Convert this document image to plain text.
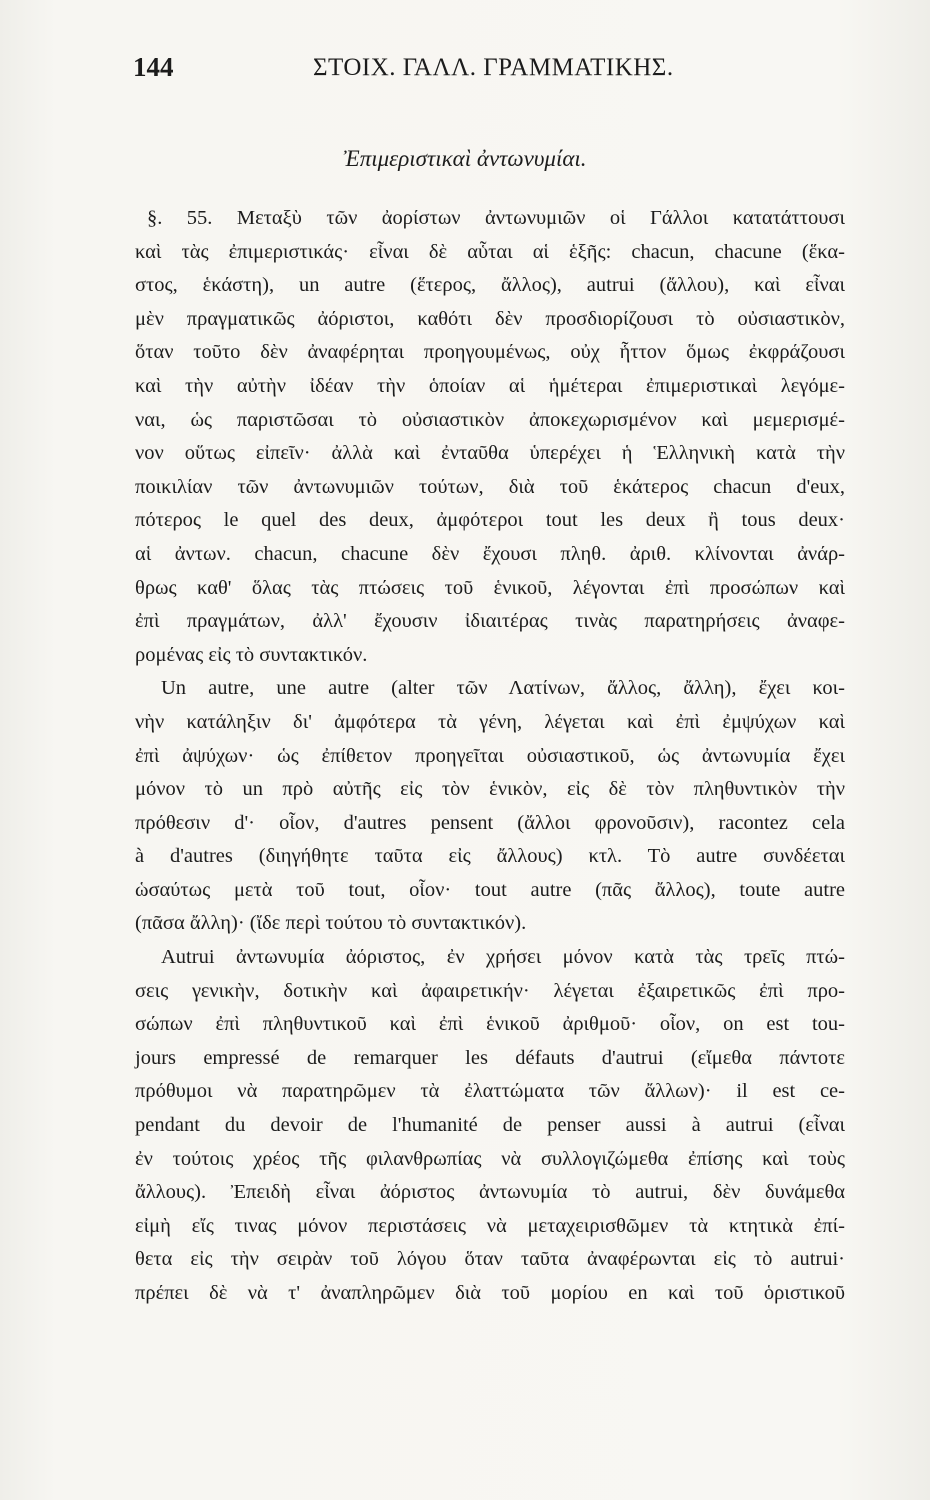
144	ΣΤΟΙΧ. ΓΑΛΛ. ΓΡΑΜΜΑΤΙΚΗΣ.
Ἐπιμεριστικαὶ ἀντωνυμίαι.
§. 55. Μεταξὺ τῶν ἀορίστων ἀντωνυμιῶν οἱ Γάλλοι κατατάττουσι
καὶ τὰς ἐπιμεριστικάς· εἶναι δὲ αὗται αἱ ἑξῆς: chacun, chacune (ἕκα-
στος, ἑκάστη), un autre (ἕτερος, ἄλλος), autrui (ἄλλου), καὶ εἶναι
μὲν πραγματικῶς ἀόριστοι, καθότι δὲν προσδιορίζουσι τὸ οὐσιαστικὸν,
ὅταν τοῦτο δὲν ἀναφέρηται προηγουμένως, οὐχ ἧττον ὅμως ἐκφράζουσι
καὶ τὴν αὐτὴν ἰδέαν τὴν ὁποίαν αἱ ἡμέτεραι ἐπιμεριστικαὶ λεγόμε-
ναι, ὡς παριστῶσαι τὸ οὐσιαστικὸν ἀποκεχωρισμένον καὶ μεμερισμέ-
νον οὕτως εἰπεῖν· ἀλλὰ καὶ ἐνταῦθα ὑπερέχει ἡ Ἑλληνικὴ κατὰ τὴν
ποικιλίαν τῶν ἀντωνυμιῶν τούτων, διὰ τοῦ ἑκάτερος chacun d'eux,
πότερος le quel des deux, ἀμφότεροι tout les deux ἢ tous deux·
αἱ ἀντων. chacun, chacune δὲν ἔχουσι πληθ. ἀριθ. κλίνονται ἀνάρ-
θρως καθ' ὅλας τὰς πτώσεις τοῦ ἑνικοῦ, λέγονται ἐπὶ προσώπων καὶ
ἐπὶ πραγμάτων, ἀλλ' ἔχουσιν ἰδιαιτέρας τινὰς παρατηρήσεις ἀναφε-
ρομένας εἰς τὸ συντακτικόν.
Un autre, une autre (alter τῶν Λατίνων, ἄλλος, ἄλλη), ἔχει κοι-
νὴν κατάληξιν δι' ἀμφότερα τὰ γένη, λέγεται καὶ ἐπὶ ἐμψύχων καὶ
ἐπὶ ἀψύχων· ὡς ἐπίθετον προηγεῖται οὐσιαστικοῦ, ὡς ἀντωνυμία ἔχει
μόνον τὸ un πρὸ αὐτῆς εἰς τὸν ἑνικὸν, εἰς δὲ τὸν πληθυντικὸν τὴν
πρόθεσιν d'· οἷον, d'autres pensent (ἄλλοι φρονοῦσιν), racontez cela
à d'autres (διηγήθητε ταῦτα εἰς ἄλλους) κτλ. Τὸ autre συνδέεται
ὡσαύτως μετὰ τοῦ tout, οἷον· tout autre (πᾶς ἄλλος), toute autre
(πᾶσα ἄλλη)· (ἴδε περὶ τούτου τὸ συντακτικόν).
Autrui ἀντωνυμία ἀόριστος, ἐν χρήσει μόνον κατὰ τὰς τρεῖς πτώ-
σεις γενικὴν, δοτικὴν καὶ ἀφαιρετικήν· λέγεται ἐξαιρετικῶς ἐπὶ προ-
σώπων ἐπὶ πληθυντικοῦ καὶ ἐπὶ ἑνικοῦ ἀριθμοῦ· οἷον, on est tou-
jours empressé de remarquer les défauts d'autrui (εἴμεθα πάντοτε
πρόθυμοι νὰ παρατηρῶμεν τὰ ἐλαττώματα τῶν ἄλλων)· il est ce-
pendant du devoir de l'humanité de penser aussi à autrui (εἶναι
ἐν τούτοις χρέος τῆς φιλανθρωπίας νὰ συλλογιζώμεθα ἐπίσης καὶ τοὺς
ἄλλους). Ἐπειδὴ εἶναι ἀόριστος ἀντωνυμία τὸ autrui, δὲν δυνάμεθα
εἰμὴ εἴς τινας μόνον περιστάσεις νὰ μεταχειρισθῶμεν τὰ κτητικὰ ἐπί-
θετα εἰς τὴν σειρὰν τοῦ λόγου ὅταν ταῦτα ἀναφέρωνται εἰς τὸ autrui·
πρέπει δὲ νὰ τ' ἀναπληρῶμεν διὰ τοῦ μορίου en καὶ τοῦ ὁριστικοῦ
